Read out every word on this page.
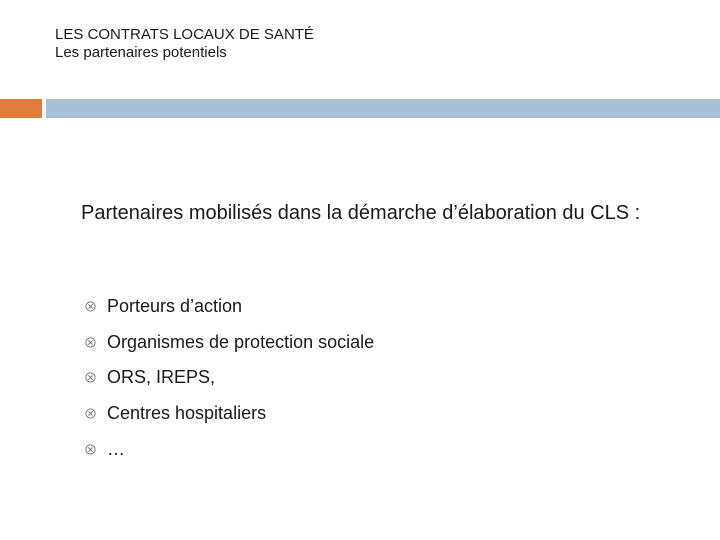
LES CONTRATS LOCAUX DE SANTÉ
Les partenaires potentiels

Partenaires mobilisés dans la démarche d’élaboration du CLS :

Porteurs d’action
Organismes de protection sociale
ORS, IREPS,
Centres hospitaliers
…
